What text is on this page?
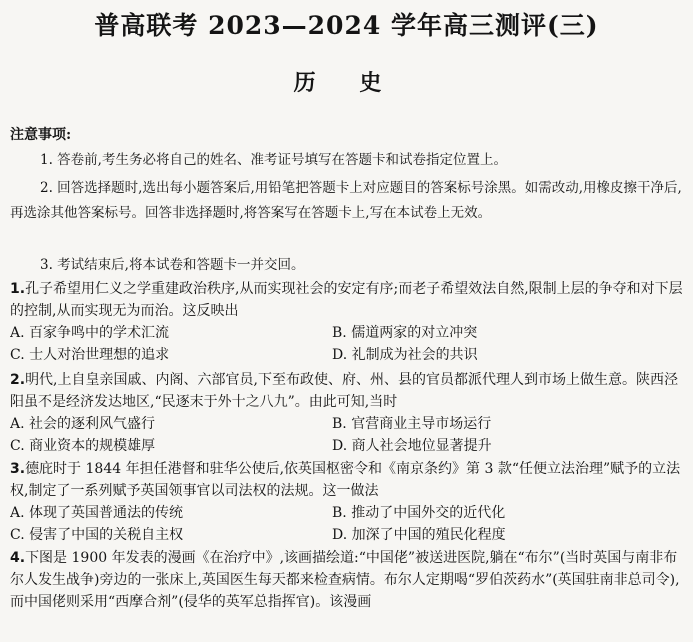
普高联考 2023—2024 学年高三测评(三)
历 史
注意事项:

1. 答卷前,考生务必将自己的姓名、准考证号填写在答题卡和试卷指定位置上。

2. 回答选择题时,选出每小题答案后,用铅笔把答题卡上对应题目的答案标号涂黑。如需改动,用橡皮擦干净后,再选涂其他答案标号。回答非选择题时,将答案写在答题卡上,写在本试卷上无效。

3. 考试结束后,将本试卷和答题卡一并交回。

1.孔子希望用仁义之学重建政治秩序,从而实现社会的安定有序;而老子希望效法自然,限制上层的争夺和对下层的控制,从而实现无为而治。这反映出

A. 百家争鸣中的学术汇流	B. 儒道两家的对立冲突
C. 士人对治世理想的追求	D. 礼制成为社会的共识

2.明代,上自皇亲国戚、内阁、六部官员,下至布政使、府、州、县的官员都派代理人到市场上做生意。陕西泾阳虽不是经济发达地区,“民逐末于外十之八九”。由此可知,当时

A. 社会的逐利风气盛行	B. 官营商业主导市场运行
C. 商业资本的规模雄厚	D. 商人社会地位显著提升

3.德庇时于 1844 年担任港督和驻华公使后,依英国枢密令和《南京条约》第 3 款“任便立法治理”赋予的立法权,制定了一系列赋予英国领事官以司法权的法规。这一做法

A. 体现了英国普通法的传统	B. 推动了中国外交的近代化
C. 侵害了中国的关税自主权	D. 加深了中国的殖民化程度

4.下图是 1900 年发表的漫画《在治疗中》,该画描绘道:“中国佬”被送进医院,躺在“布尔”(当时英国与南非布尔人发生战争)旁边的一张床上,英国医生每天都来检查病情。布尔人定期喝“罗伯茨药水”(英国驻南非总司令),而中国佬则采用“西摩合剂”(侵华的英军总指挥官)。该漫画
